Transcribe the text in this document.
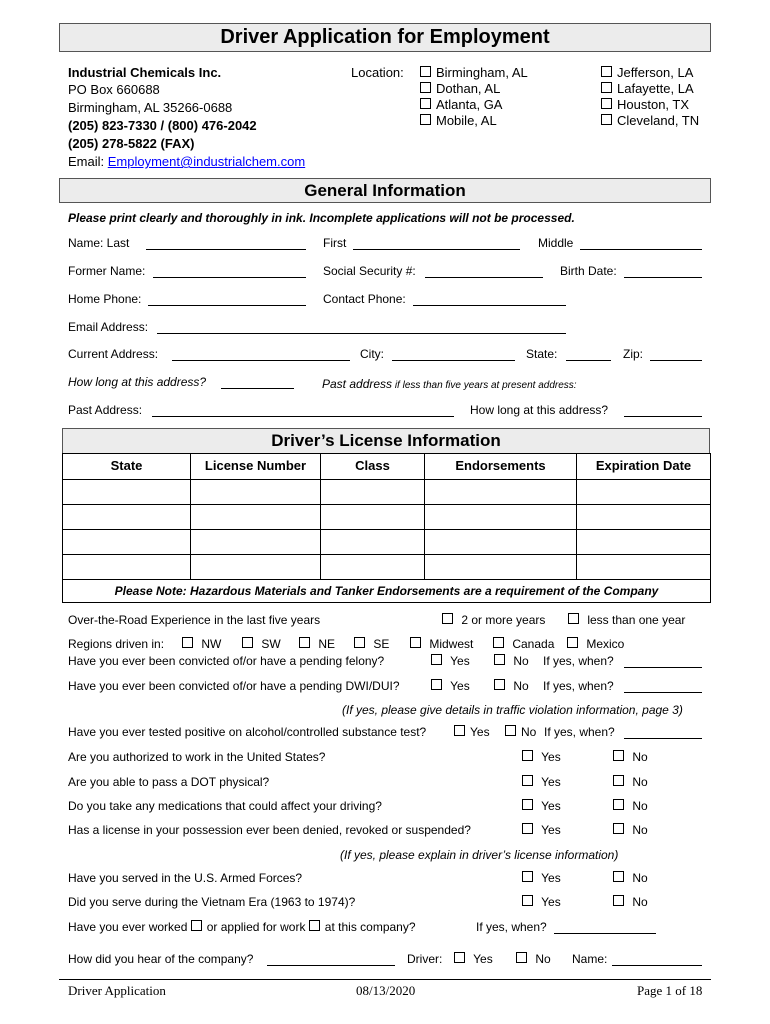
Driver Application for Employment
Industrial Chemicals Inc.
PO Box 660688
Birmingham, AL 35266-0688
(205) 823-7330 / (800) 476-2042
(205) 278-5822 (FAX)
Email: Employment@industrialchem.com
Location:	Birmingham, AL
Dothan, AL
Atlanta, GA
Mobile, AL
Jefferson, LA
Lafayette, LA
Houston, TX
Cleveland, TN
General Information
Please print clearly and thoroughly in ink. Incomplete applications will not be processed.
Name: Last	First	Middle
Former Name:	Social Security #:	Birth Date:
Home Phone:	Contact Phone:
Email Address:
Current Address:	City:	State:	Zip:
How long at this address?	Past address if less than five years at present address:
Past Address:	How long at this address?
Driver’s License Information
State	License Number	Class	Endorsements	Expiration Date

Please Note: Hazardous Materials and Tanker Endorsements are a requirement of the Company				
Over-the-Road Experience in the last five years	2 or more years	less than one year
Regions driven in:	NW	SW	NE	SE	Midwest	Canada	Mexico
Have you ever been convicted of/or have a pending felony?	Yes	No If yes, when?
Have you ever been convicted of/or have a pending DWI/DUI?	Yes	No If yes, when?
(If yes, please give details in traffic violation information, page 3)
Have you ever tested positive on alcohol/controlled substance test?	Yes	No If yes, when?
Are you authorized to work in the United States?	Yes	No
Are you able to pass a DOT physical?	Yes	No
Do you take any medications that could affect your driving?	Yes	No
Has a license in your possession ever been denied, revoked or suspended?	Yes	No
(If yes, please explain in driver’s license information)
Have you served in the U.S. Armed Forces?	Yes	No
Did you serve during the Vietnam Era (1963 to 1974)?	Yes	No
Have you ever worked or applied for work at this company?	If yes, when?
How did you hear of the company?	Driver:	Yes	No Name:
Driver Application	08/13/2020	Page 1 of 18
